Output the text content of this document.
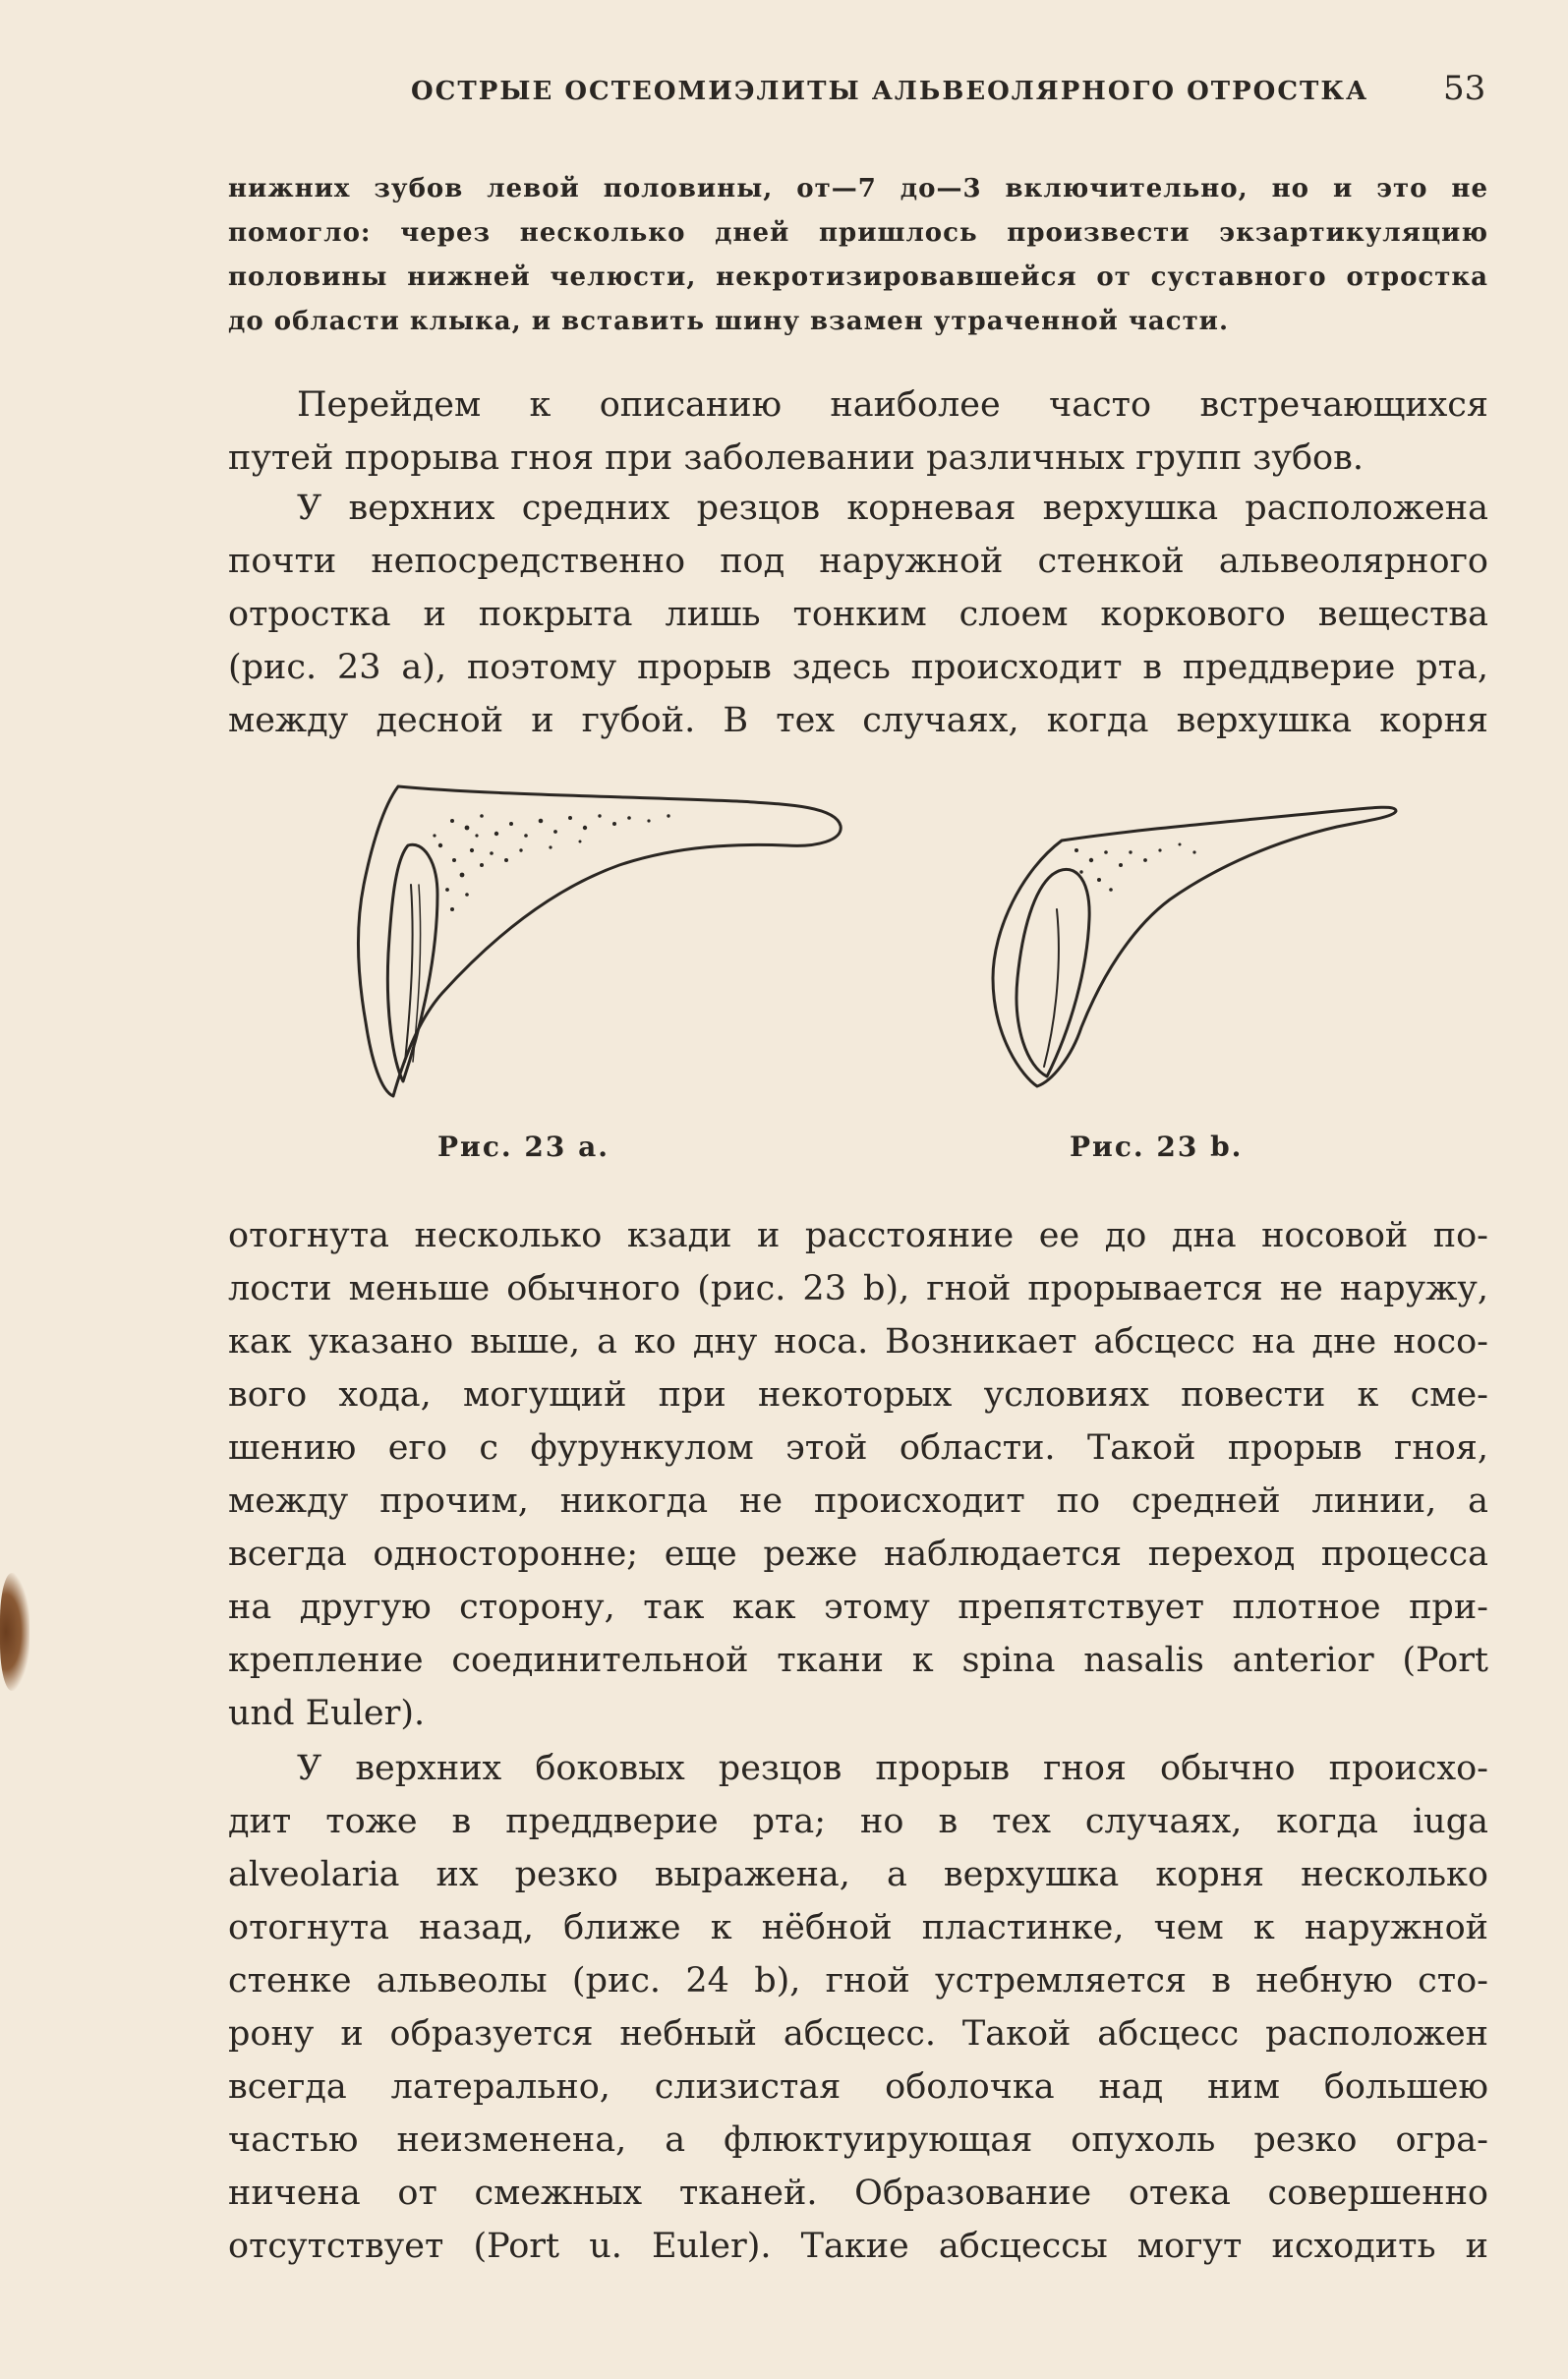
ОСТРЫЕ ОСТЕОМИЭЛИТЫ АЛЬВЕОЛЯРНОГО ОТРОСТКА 53
нижних зубов левой половины, от—7 до—3 включительно, но и это не
помогло: через несколько дней пришлось произвести экзартикуляцию
половины нижней челюсти, некротизировавшейся от суставного отростка
до области клыка, и вставить шину взамен утраченной части.
Перейдем к описанию наиболее часто встречающихся
путей прорыва гноя при заболевании различных групп зубов.
У верхних средних резцов корневая верхушка расположена
почти непосредственно под наружной стенкой альвеолярного
отростка и покрыта лишь тонким слоем коркового вещества
(рис. 23 a), поэтому прорыв здесь происходит в преддверие рта,
между десной и губой. В тех случаях, когда верхушка корня
Рис. 23 a.	Рис. 23 b.
отогнута несколько кзади и расстояние ее до дна носовой по-
лости меньше обычного (рис. 23 b), гной прорывается не наружу,
как указано выше, а ко дну носа. Возникает абсцесс на дне носо-
вого хода, могущий при некоторых условиях повести к сме-
шению его с фурункулом этой области. Такой прорыв гноя,
между прочим, никогда не происходит по средней линии, а
всегда односторонне; еще реже наблюдается переход процесса
на другую сторону, так как этому препятствует плотное при-
крепление соединительной ткани к spina nasalis anterior (Port
und Euler).
У верхних боковых резцов прорыв гноя обычно происхо-
дит тоже в преддверие рта; но в тех случаях, когда iuga
alveolaria их резко выражена, а верхушка корня несколько
отогнута назад, ближе к нёбной пластинке, чем к наружной
стенке альвеолы (рис. 24 b), гной устремляется в небную сто-
рону и образуется небный абсцесс. Такой абсцесс расположен
всегда латерально, слизистая оболочка над ним большею
частью неизменена, а флюктуирующая опухоль резко огра-
ничена от смежных тканей. Образование отека совершенно
отсутствует (Port u. Euler). Такие абсцессы могут исходить и
